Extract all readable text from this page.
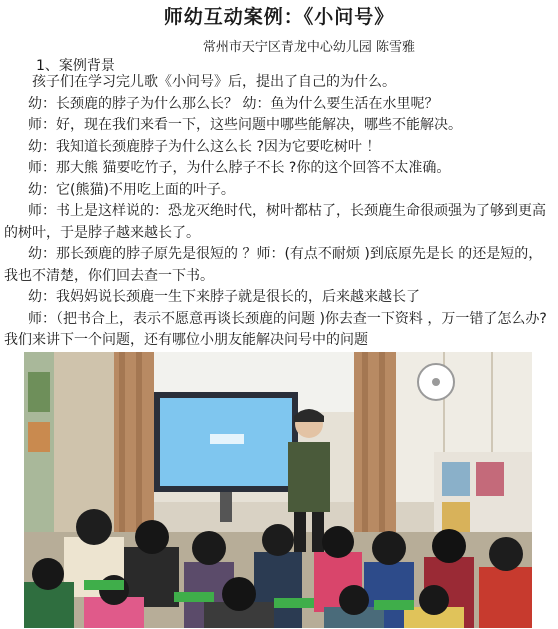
师幼互动案例：《小问号》
常州市天宁区青龙中心幼儿园 陈雪雅
1、案例背景

孩子们在学习完儿歌《小问号》后，提出了自己的为什么。

幼：长颈鹿的脖子为什么那么长？ 幼：鱼为什么要生活在水里呢？

师：好，现在我们来看一下，这些问题中哪些能解决，哪些不能解决。

幼：我知道长颈鹿脖子为什么这么长 ?因为它要吃树叶 ！

师：那大熊 猫要吃竹子，为什么脖子不长 ?你的这个回答不太准确。

幼：它(熊猫)不用吃上面的叶子。

师：书上是这样说的：恐龙灭绝时代，树叶都枯了，长颈鹿生命很顽强为了够到更高的树叶，于是脖子越来越长了。

幼：那长颈鹿的脖子原先是很短的 ？师：(有点不耐烦 )到底原先是长 的还是短的，我也不清楚，你们回去查一下书。

幼：我妈妈说长颈鹿一生下来脖子就是很长的，后来越来越长了

师：（把书合上，表示不愿意再谈长颈鹿的问题 )你去查一下资料 ，万一错了怎么办?我们来讲下一个问题，还有哪位小朋友能解决问号中的问题
